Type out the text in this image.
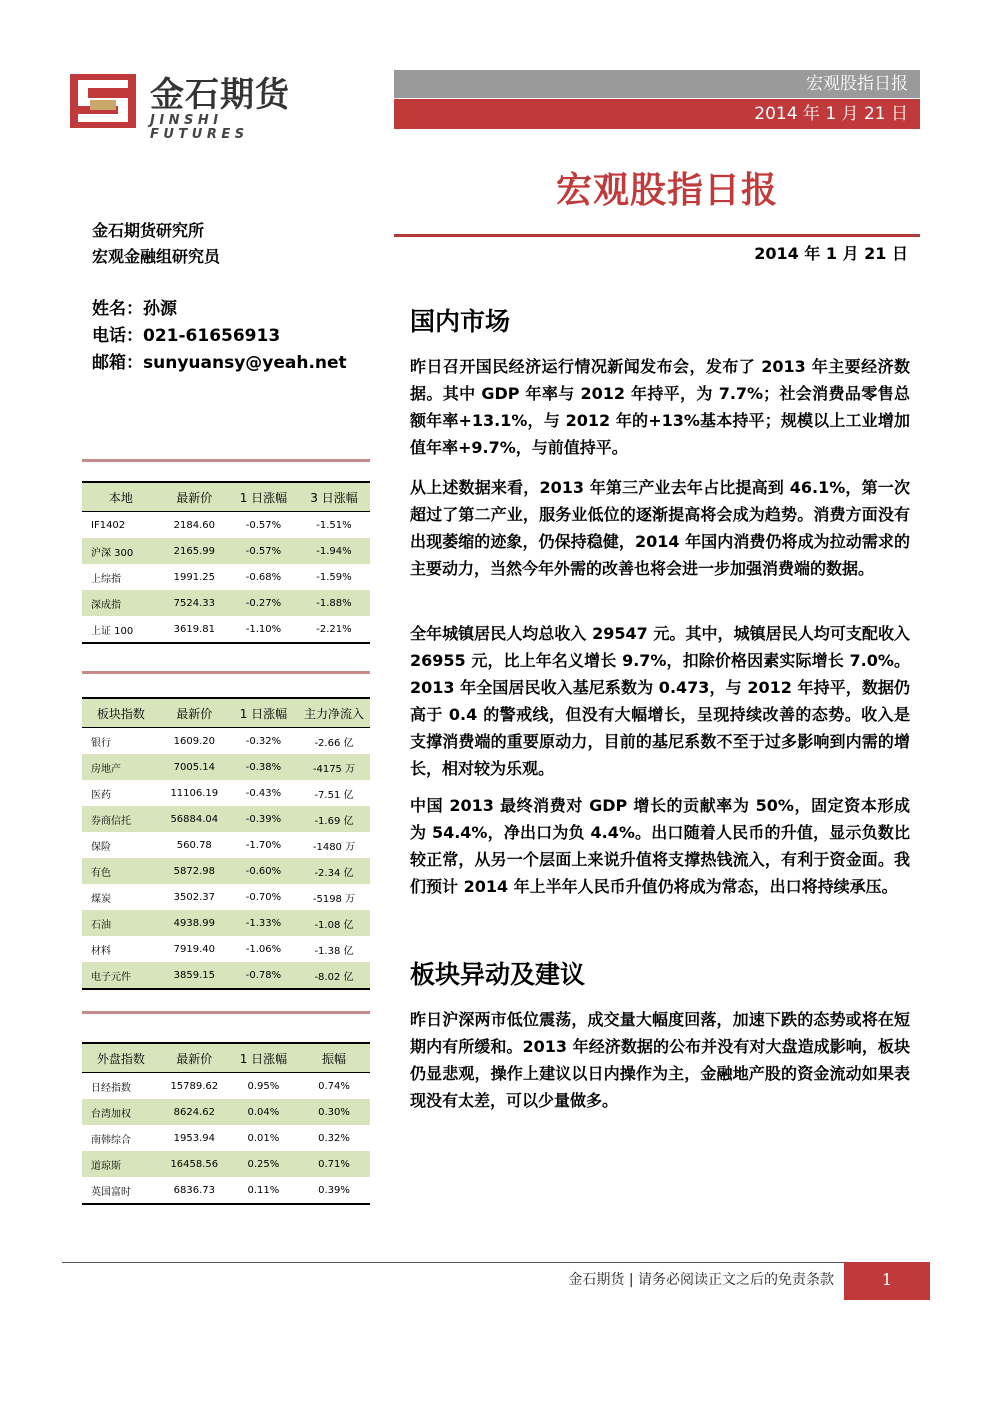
金石期货
JINSHI FUTURES
宏观股指日报
2014 年 1 月 21 日
宏观股指日报
2014 年 1 月 21 日
金石期货研究所
宏观金融组研究员
姓名：孙源
电话：021-61656913
邮箱：sunyuansy@yeah.net
本地	最新价	1 日涨幅	3 日涨幅
IF1402	2184.60	-0.57%	-1.51%
沪深 300	2165.99	-0.57%	-1.94%
上综指	1991.25	-0.68%	-1.59%
深成指	7524.33	-0.27%	-1.88%
上证 100	3619.81	-1.10%	-2.21%
板块指数	最新价	1 日涨幅	主力净流入
银行	1609.20	-0.32%	-2.66 亿
房地产	7005.14	-0.38%	-4175 万
医药	11106.19	-0.43%	-7.51 亿
券商信托	56884.04	-0.39%	-1.69 亿
保险	560.78	-1.70%	-1480 万
有色	5872.98	-0.60%	-2.34 亿
煤炭	3502.37	-0.70%	-5198 万
石油	4938.99	-1.33%	-1.08 亿
材料	7919.40	-1.06%	-1.38 亿
电子元件	3859.15	-0.78%	-8.02 亿
外盘指数	最新价	1 日涨幅	振幅
日经指数	15789.62	0.95%	0.74%
台湾加权	8624.62	0.04%	0.30%
南韩综合	1953.94	0.01%	0.32%
道琼斯	16458.56	0.25%	0.71%
英国富时	6836.73	0.11%	0.39%
国内市场
昨日召开国民经济运行情况新闻发布会，发布了 2013 年主要经济数据。其中 GDP 年率与 2012 年持平，为 7.7%；社会消费品零售总额年率+13.1%，与 2012 年的+13%基本持平；规模以上工业增加值年率+9.7%，与前值持平。
从上述数据来看，2013 年第三产业去年占比提高到 46.1%，第一次超过了第二产业，服务业低位的逐渐提高将会成为趋势。消费方面没有出现萎缩的迹象，仍保持稳健，2014 年国内消费仍将成为拉动需求的主要动力，当然今年外需的改善也将会进一步加强消费端的数据。
全年城镇居民人均总收入 29547 元。其中，城镇居民人均可支配收入 26955 元，比上年名义增长 9.7%，扣除价格因素实际增长 7.0%。2013 年全国居民收入基尼系数为 0.473，与 2012 年持平，数据仍高于 0.4 的警戒线，但没有大幅增长，呈现持续改善的态势。收入是支撑消费端的重要原动力，目前的基尼系数不至于过多影响到内需的增长，相对较为乐观。
中国 2013 最终消费对 GDP 增长的贡献率为 50%，固定资本形成为 54.4%，净出口为负 4.4%。出口随着人民币的升值，显示负数比较正常，从另一个层面上来说升值将支撑热钱流入，有利于资金面。我们预计 2014 年上半年人民币升值仍将成为常态，出口将持续承压。
板块异动及建议
昨日沪深两市低位震荡，成交量大幅度回落，加速下跌的态势或将在短期内有所缓和。2013 年经济数据的公布并没有对大盘造成影响，板块仍显悲观，操作上建议以日内操作为主，金融地产股的资金流动如果表现没有太差，可以少量做多。
金石期货 | 请务必阅读正文之后的免责条款	1
